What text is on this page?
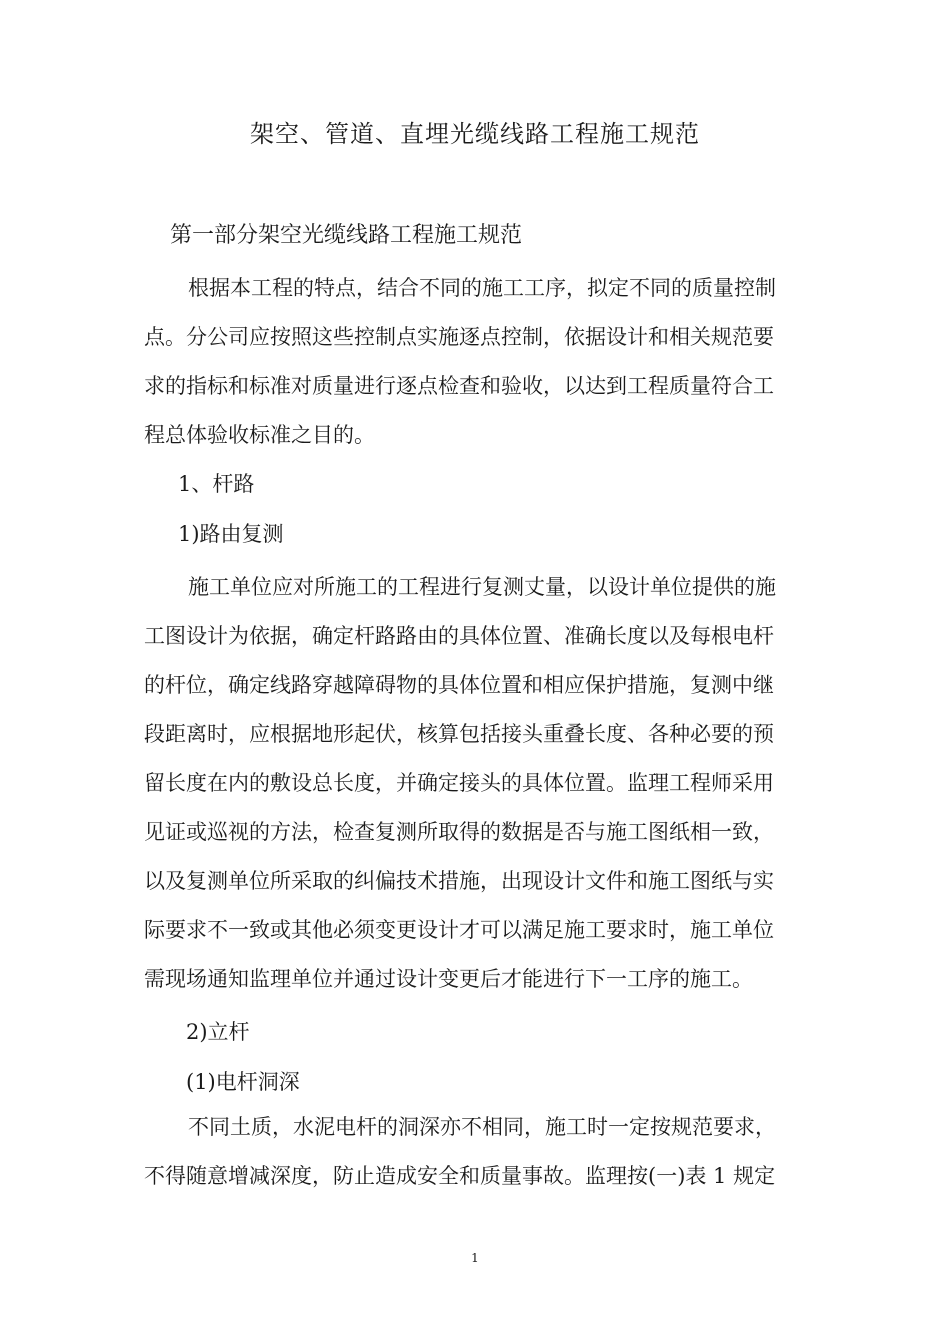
架空、管道、直埋光缆线路工程施工规范
第一部分架空光缆线路工程施工规范
根据本工程的特点，结合不同的施工工序，拟定不同的质量控制
点。分公司应按照这些控制点实施逐点控制，依据设计和相关规范要
求的指标和标准对质量进行逐点检查和验收，以达到工程质量符合工
程总体验收标准之目的。
1、杆路
1)路由复测
施工单位应对所施工的工程进行复测丈量，以设计单位提供的施
工图设计为依据，确定杆路路由的具体位置、准确长度以及每根电杆
的杆位，确定线路穿越障碍物的具体位置和相应保护措施，复测中继
段距离时，应根据地形起伏，核算包括接头重叠长度、各种必要的预
留长度在内的敷设总长度，并确定接头的具体位置。监理工程师采用
见证或巡视的方法，检查复测所取得的数据是否与施工图纸相一致，
以及复测单位所采取的纠偏技术措施，出现设计文件和施工图纸与实
际要求不一致或其他必须变更设计才可以满足施工要求时，施工单位
需现场通知监理单位并通过设计变更后才能进行下一工序的施工。
2)立杆
(1)电杆洞深
不同土质，水泥电杆的洞深亦不相同，施工时一定按规范要求，
不得随意增减深度，防止造成安全和质量事故。监理按(一)表 1 规定
1
